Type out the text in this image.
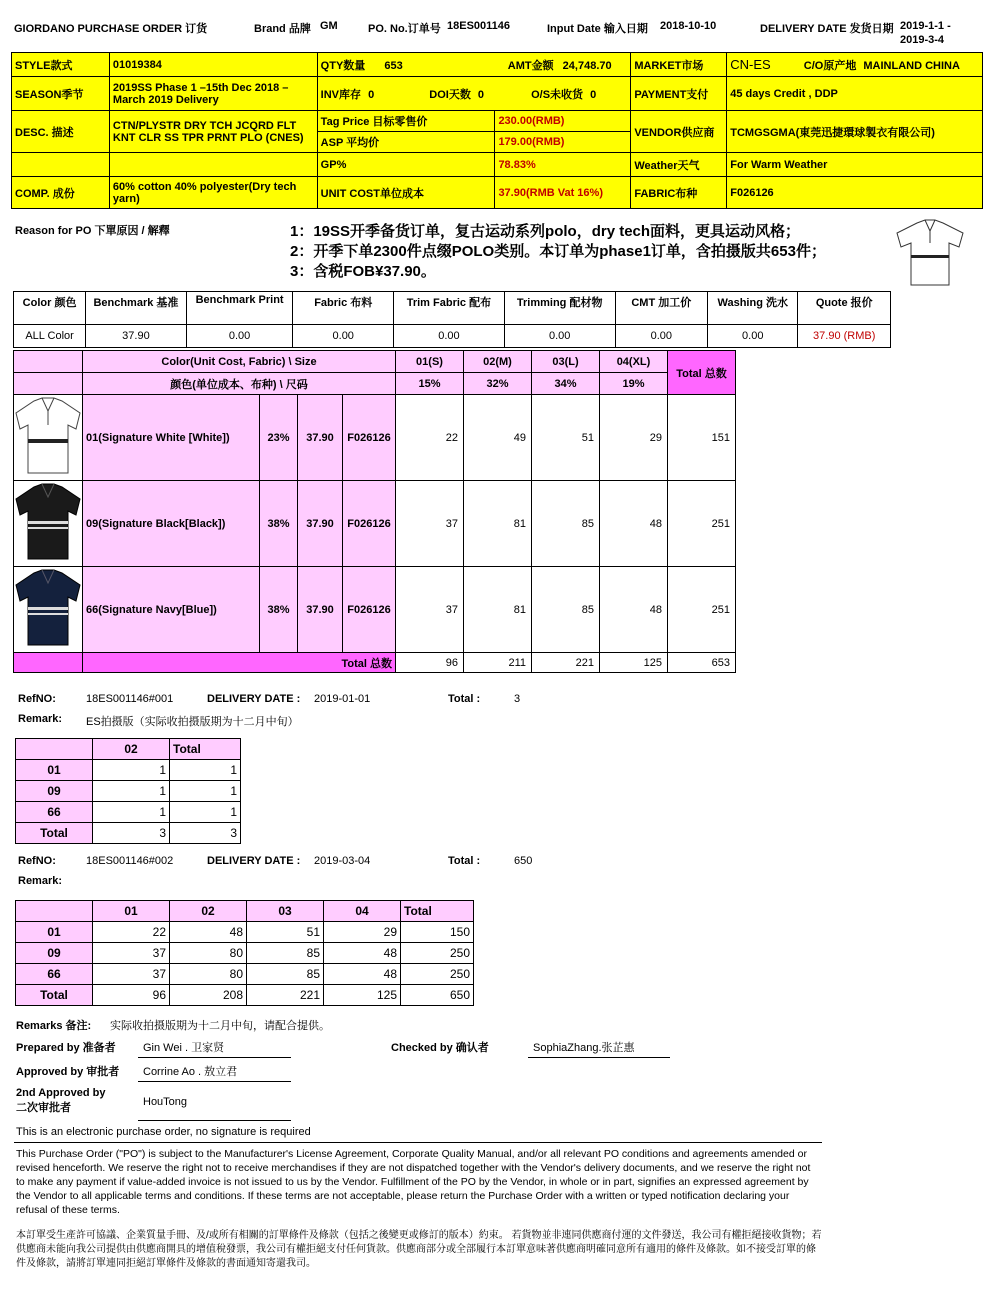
GIORDANO PURCHASE ORDER 订货	Brand 品牌 GM	PO. No.订单号 18ES001146	Input Date 输入日期 2018-10-10	DELIVERY DATE 发货日期 2019-1-1 -
2019-3-4
STYLE款式	01019384	QTY数量 653 AMT金额 24,748.70		MARKET市场	CN-ES C/O原产地 MAINLAND CHINA
SEASON季节	2019SS Phase 1 –15th Dec 2018 – March 2019 Delivery	INV库存 0 DOI天数 0 O/S未收货 0		PAYMENT支付	45 days Credit , DDP
DESC. 描述	CTN/PLYSTR DRY TCH JCQRD FLT KNT CLR SS TPR PRNT PLO (CNES)	Tag Price 目标零售价	230.00(RMB)	VENDOR供应商	TCMGSGMA(東莞迅捷環球製衣有限公司)
		ASP 平均价	179.00(RMB)		
		GP%	78.83%	Weather天气	For Warm Weather
COMP. 成份	60% cotton 40% polyester(Dry tech yarn)	UNIT COST单位成本	37.90(RMB Vat 16%)	FABRIC布种	F026126
Reason for PO 下單原因 / 解釋	1：19SS开季备货订单，复古运动系列polo，dry tech面料，更具运动风格；
2：开季下单2300件点缀POLO类别。本订单为phase1订单，含拍摄版共653件；
3：含税FOB¥37.90。
Color 颜色	Benchmark 基准	Benchmark Print	Fabric 布料	Trim Fabric 配布	Trimming 配材物	CMT 加工价	Washing 洗水	Quote 报价
ALL Color	37.90	0.00	0.00	0.00	0.00	0.00	0.00	37.90 (RMB)
	Color(Unit Cost, Fabric) \ Size				01(S)	02(M)	03(L)	04(XL)	Total 总数
	颜色(单位成本、布种) \ 尺码				15%	32%	34%	19%	
	01(Signature White [White])	23%	37.90	F026126	22	49	51	29	151
	09(Signature Black[Black])	38%	37.90	F026126	37	81	85	48	251
	66(Signature Navy[Blue])	38%	37.90	F026126	37	81	85	48	251
	Total 总数				96	211	221	125	653
RefNO:	18ES001146#001	DELIVERY DATE : 2019-01-01	Total :	3
Remark: ES拍摄版（实际收拍摄版期为十二月中旬）
	02	Total
01	1	1
09	1	1
66	1	1
Total	3	3
RefNO:	18ES001146#002	DELIVERY DATE : 2019-03-04	Total :	650
Remark:
	01	02	03	04	Total
01	22	48	51	29	150
09	37	80	85	48	250
66	37	80	85	48	250
Total	96	208	221	125	650
Remarks 备注: 实际收拍摄版期为十二月中旬，请配合提供。
Prepared by 准备者 Gin Wei . 卫家贤	Checked by 确认者	SophiaZhang.张芷惠
Approved by 审批者 Corrine Ao . 敖立君
2nd Approved by
二次审批者	HouTong
This is an electronic purchase order, no signature is required
This Purchase Order ("PO") is subject to the Manufacturer's License Agreement, Corporate Quality Manual, and/or all relevant PO conditions and agreements amended or revised henceforth. We reserve the right not to receive merchandises if they are not dispatched together with the Vendor's delivery documents, and we reserve the right not to make any payment if value-added invoice is not issued to us by the Vendor. Fulfillment of the PO by the Vendor, in whole or in part, signifies an expressed agreement by the Vendor to all applicable terms and conditions. If these terms are not acceptable, please return the Purchase Order with a written or typed notification declaring your refusal of these terms.
本訂單受生產許可協議、企業質量手冊、及/或所有相關的訂單條件及條款（包括之後變更或修訂的版本）約束。 若貨物並非連同供應商付運的文件發送，我公司有權拒絕接收貨物；若供應商未能向我公司提供由供應商開具的增值稅發票，我公司有權拒絕支付任何貨款。供應商部分或全部履行本訂單意味著供應商明確同意所有適用的條件及條款。如不接受訂單的條件及條款，請將訂單連同拒絕訂單條件及條款的書面通知寄還我司。
